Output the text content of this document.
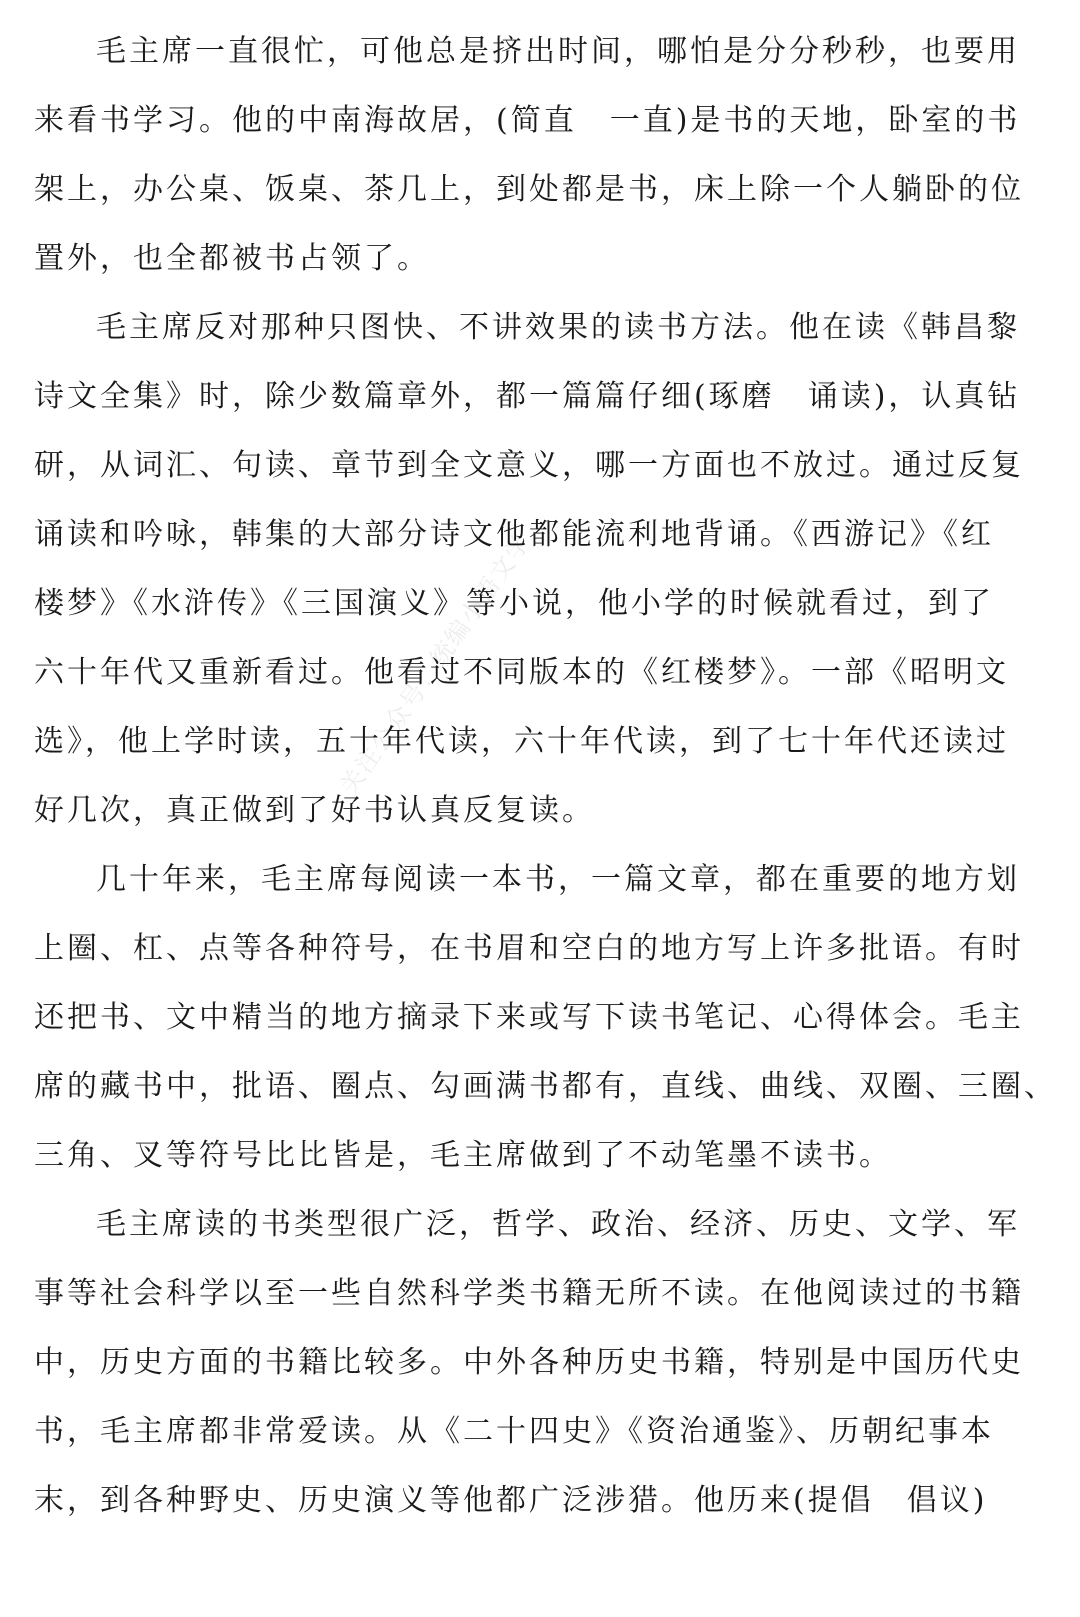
毛主席一直很忙，可他总是挤出时间，哪怕是分分秒秒，也要用
来看书学习。他的中南海故居，(简直　一直)是书的天地，卧室的书
架上，办公桌、饭桌、茶几上，到处都是书，床上除一个人躺卧的位
置外，也全都被书占领了。
毛主席反对那种只图快、不讲效果的读书方法。他在读《韩昌黎
诗文全集》时，除少数篇章外，都一篇篇仔细(琢磨　诵读)，认真钻
研，从词汇、句读、章节到全文意义，哪一方面也不放过。通过反复
诵读和吟咏，韩集的大部分诗文他都能流利地背诵。《西游记》《红
楼梦》《水浒传》《三国演义》等小说，他小学的时候就看过，到了
六十年代又重新看过。他看过不同版本的《红楼梦》。一部《昭明文
选》，他上学时读，五十年代读，六十年代读，到了七十年代还读过
好几次，真正做到了好书认真反复读。
几十年来，毛主席每阅读一本书，一篇文章，都在重要的地方划
上圈、杠、点等各种符号，在书眉和空白的地方写上许多批语。有时
还把书、文中精当的地方摘录下来或写下读书笔记、心得体会。毛主
席的藏书中，批语、圈点、勾画满书都有，直线、曲线、双圈、三圈、
三角、叉等符号比比皆是，毛主席做到了不动笔墨不读书。
毛主席读的书类型很广泛，哲学、政治、经济、历史、文学、军
事等社会科学以至一些自然科学类书籍无所不读。在他阅读过的书籍
中，历史方面的书籍比较多。中外各种历史书籍，特别是中国历代史
书，毛主席都非常爱读。从《二十四史》《资治通鉴》、历朝纪事本
末，到各种野史、历史演义等他都广泛涉猎。他历来(提倡　倡议)
关注公众号：统编小语文学
